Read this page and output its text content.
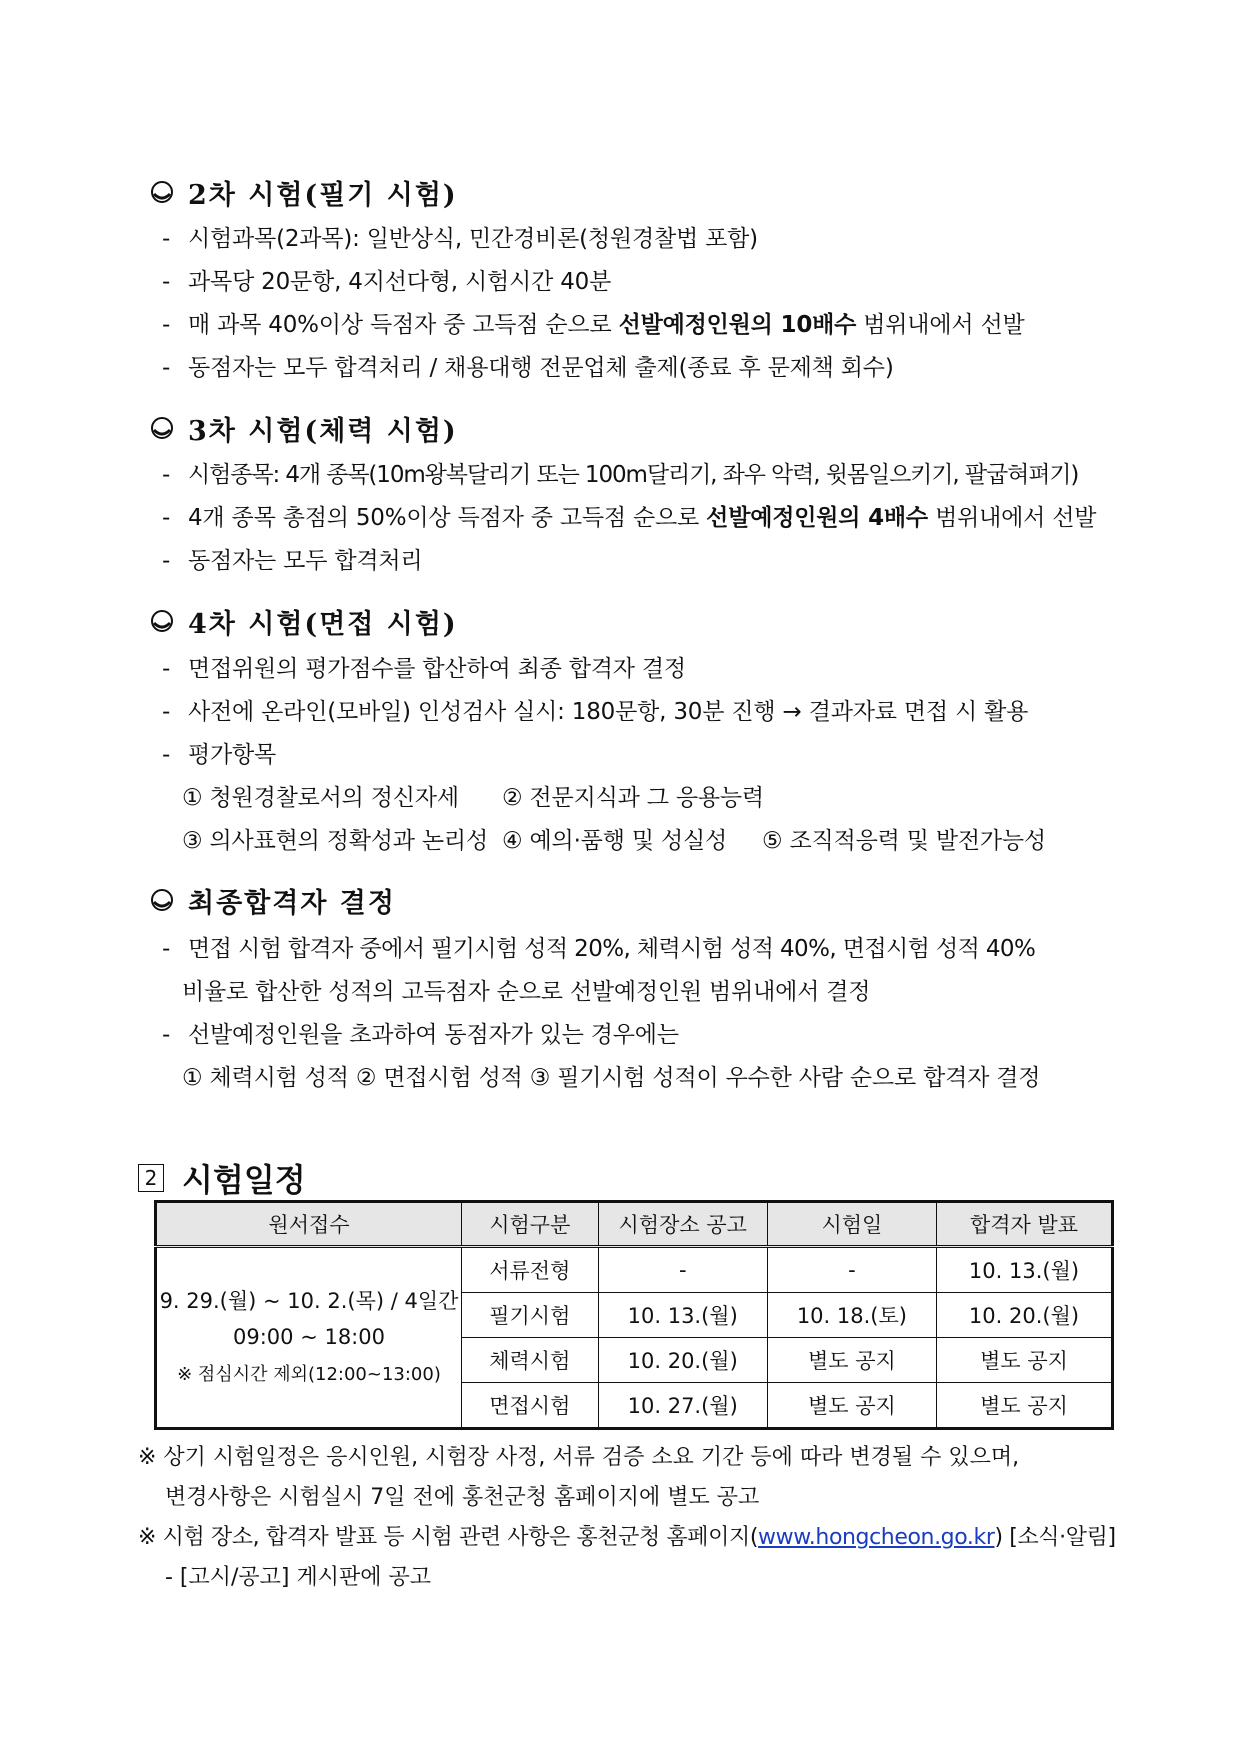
2차 시험(필기 시험)
- 시험과목(2과목): 일반상식, 민간경비론(청원경찰법 포함)
- 과목당 20문항, 4지선다형, 시험시간 40분
- 매 과목 40%이상 득점자 중 고득점 순으로 선발예정인원의 10배수 범위내에서 선발
- 동점자는 모두 합격처리 / 채용대행 전문업체 출제(종료 후 문제책 회수)
3차 시험(체력 시험)
- 시험종목: 4개 종목(10m왕복달리기 또는 100m달리기, 좌우 악력, 윗몸일으키기, 팔굽혀펴기)
- 4개 종목 총점의 50%이상 득점자 중 고득점 순으로 선발예정인원의 4배수 범위내에서 선발
- 동점자는 모두 합격처리
4차 시험(면접 시험)
- 면접위원의 평가점수를 합산하여 최종 합격자 결정
- 사전에 온라인(모바일) 인성검사 실시: 180문항, 30분 진행 → 결과자료 면접 시 활용
- 평가항목
① 청원경찰로서의 정신자세 ② 전문지식과 그 응용능력
③ 의사표현의 정확성과 논리성 ④ 예의·품행 및 성실성 ⑤ 조직적응력 및 발전가능성
최종합격자 결정
- 면접 시험 합격자 중에서 필기시험 성적 20%, 체력시험 성적 40%, 면접시험 성적 40%
비율로 합산한 성적의 고득점자 순으로 선발예정인원 범위내에서 결정
- 선발예정인원을 초과하여 동점자가 있는 경우에는
① 체력시험 성적 ② 면접시험 성적 ③ 필기시험 성적이 우수한 사람 순으로 합격자 결정
2 시험일정
원서접수	시험구분	시험장소 공고	시험일	합격자 발표

9. 29.(월) ~ 10. 2.(목) / 4일간
09:00 ~ 18:00
※ 점심시간 제외(12:00~13:00)	서류전형	-	-	10. 13.(월)
	필기시험	10. 13.(월)	10. 18.(토)	10. 20.(월)
	체력시험	10. 20.(월)	별도 공지	별도 공지
	면접시험	10. 27.(월)	별도 공지	별도 공지
※ 상기 시험일정은 응시인원, 시험장 사정, 서류 검증 소요 기간 등에 따라 변경될 수 있으며,
변경사항은 시험실시 7일 전에 홍천군청 홈페이지에 별도 공고
※ 시험 장소, 합격자 발표 등 시험 관련 사항은 홍천군청 홈페이지(www.hongcheon.go.kr) [소식·알림]
- [고시/공고] 게시판에 공고
